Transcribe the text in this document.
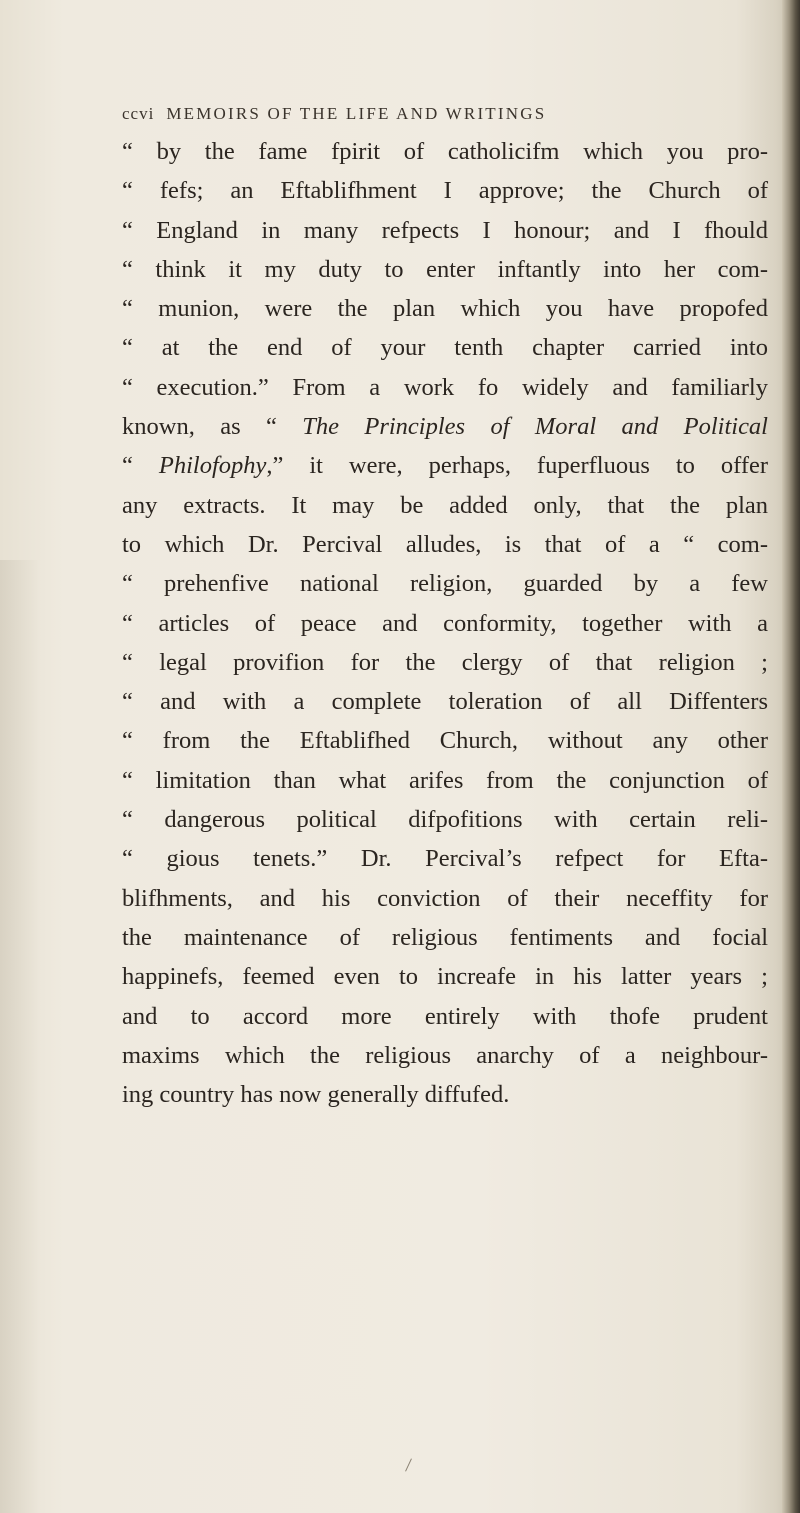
ccvi MEMOIRS OF THE LIFE AND WRITINGS
“ by the fame fpirit of catholicifm which you pro-
“ fefs; an Eftablifhment I approve; the Church of
“ England in many refpects I honour; and I fhould
“ think it my duty to enter inftantly into her com-
“ munion, were the plan which you have propofed
“ at the end of your tenth chapter carried into
“ execution.” From a work fo widely and familiarly
known, as “ The Principles of Moral and Political
“ Philofophy,” it were, perhaps, fuperfluous to offer
any extracts. It may be added only, that the plan
to which Dr. Percival alludes, is that of a “ com-
“ prehenfive national religion, guarded by a few
“ articles of peace and conformity, together with a
“ legal provifion for the clergy of that religion ;
“ and with a complete toleration of all Diffenters
“ from the Eftablifhed Church, without any other
“ limitation than what arifes from the conjunction of
“ dangerous political difpofitions with certain reli-
“ gious tenets.” Dr. Percival’s refpect for Efta-
blifhments, and his conviction of their neceffity for
the maintenance of religious fentiments and focial
happinefs, feemed even to increafe in his latter years ;
and to accord more entirely with thofe prudent
maxims which the religious anarchy of a neighbour-
ing country has now generally diffufed.
